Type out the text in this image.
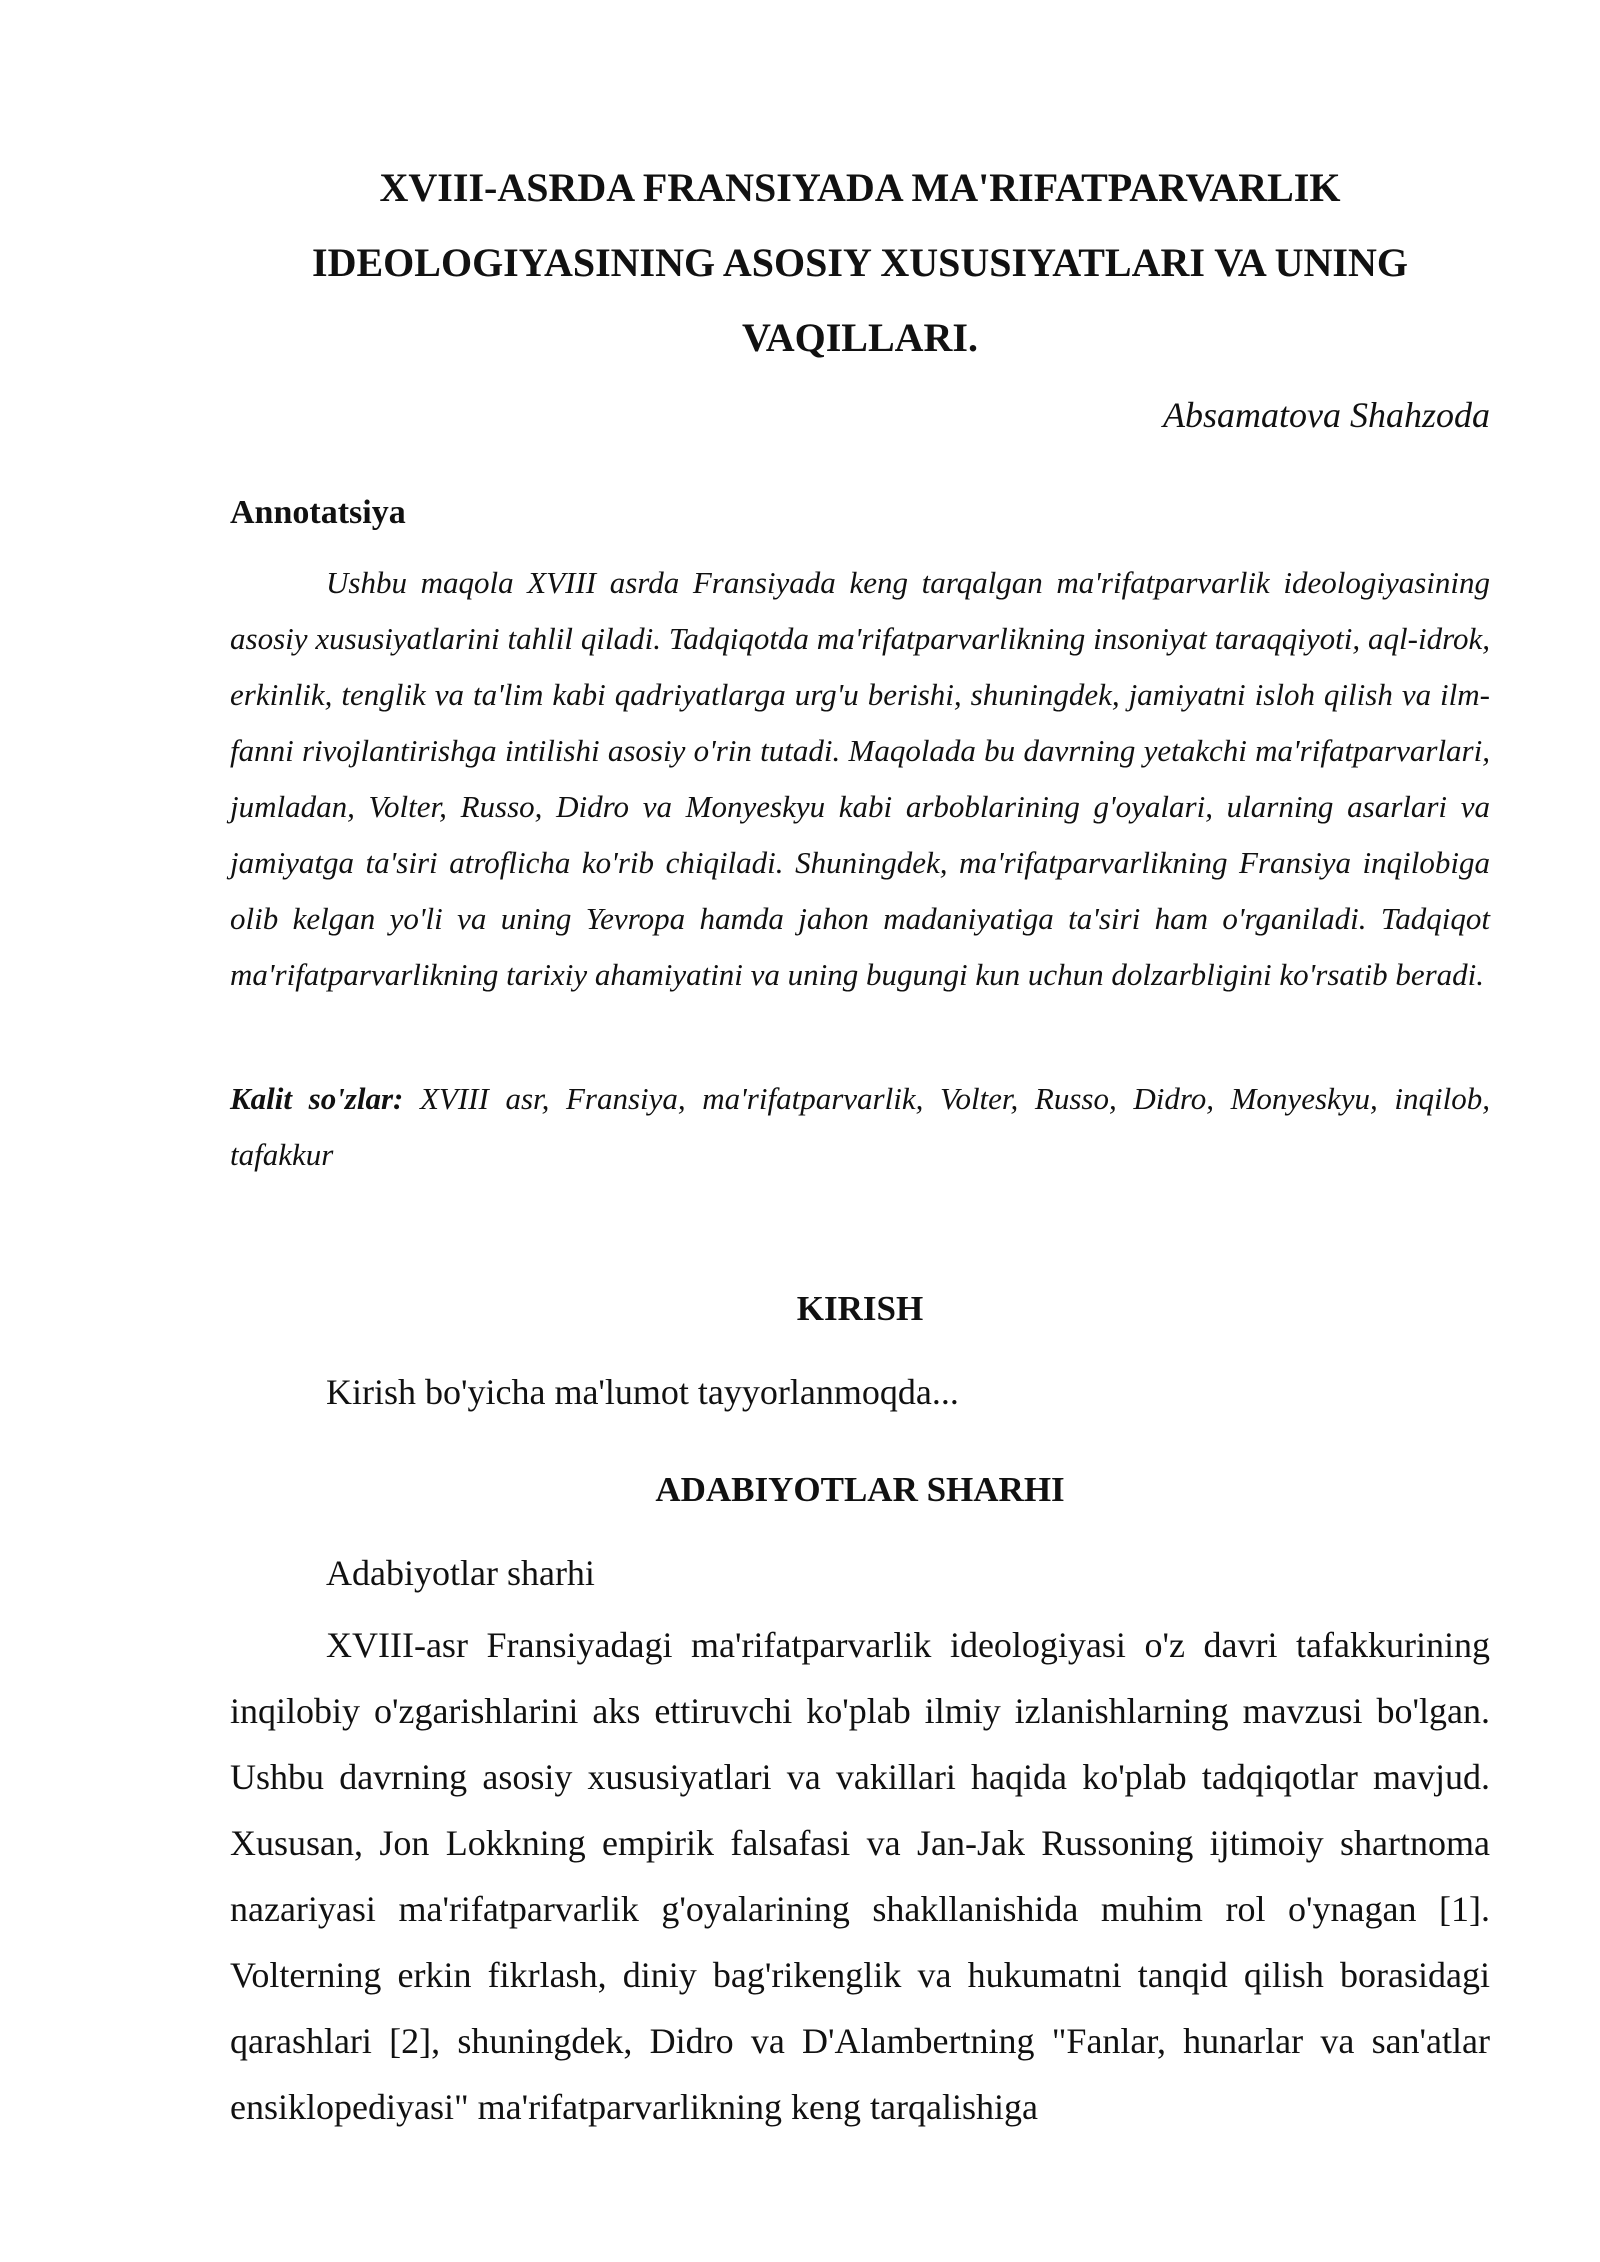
XVIII-ASRDA FRANSIYADA MA'RIFATPARVARLIK
IDEOLOGIYASINING ASOSIY XUSUSIYATLARI VA UNING
VAQILLARI.
Absamatova Shahzoda
Annotatsiya

Ushbu maqola XVIII asrda Fransiyada keng tarqalgan ma'rifatparvarlik ideologiyasining asosiy xususiyatlarini tahlil qiladi. Tadqiqotda ma'rifatparvarlikning insoniyat taraqqiyoti, aql-idrok, erkinlik, tenglik va ta'lim kabi qadriyatlarga urg'u berishi, shuningdek, jamiyatni isloh qilish va ilm-fanni rivojlantirishga intilishi asosiy o'rin tutadi. Maqolada bu davrning yetakchi ma'rifatparvarlari, jumladan, Volter, Russo, Didro va Monyeskyu kabi arboblarining g'oyalari, ularning asarlari va jamiyatga ta'siri atroflicha ko'rib chiqiladi. Shuningdek, ma'rifatparvarlikning Fransiya inqilobiga olib kelgan yo'li va uning Yevropa hamda jahon madaniyatiga ta'siri ham o'rganiladi. Tadqiqot ma'rifatparvarlikning tarixiy ahamiyatini va uning bugungi kun uchun dolzarbligini ko'rsatib beradi.

Kalit so'zlar: XVIII asr, Fransiya, ma'rifatparvarlik, Volter, Russo, Didro, Monyeskyu, inqilob, tafakkur

KIRISH

Kirish bo'yicha ma'lumot tayyorlanmoqda...

ADABIYOTLAR SHARHI

Adabiyotlar sharhi

XVIII-asr Fransiyadagi ma'rifatparvarlik ideologiyasi o'z davri tafakkurining inqilobiy o'zgarishlarini aks ettiruvchi ko'plab ilmiy izlanishlarning mavzusi bo'lgan. Ushbu davrning asosiy xususiyatlari va vakillari haqida ko'plab tadqiqotlar mavjud. Xususan, Jon Lokkning empirik falsafasi va Jan-Jak Russoning ijtimoiy shartnoma nazariyasi ma'rifatparvarlik g'oyalarining shakllanishida muhim rol o'ynagan [1]. Volterning erkin fikrlash, diniy bag'rikenglik va hukumatni tanqid qilish borasidagi qarashlari [2], shuningdek, Didro va D'Alambertning "Fanlar, hunarlar va san'atlar ensiklopediyasi" ma'rifatparvarlikning keng tarqalishiga
